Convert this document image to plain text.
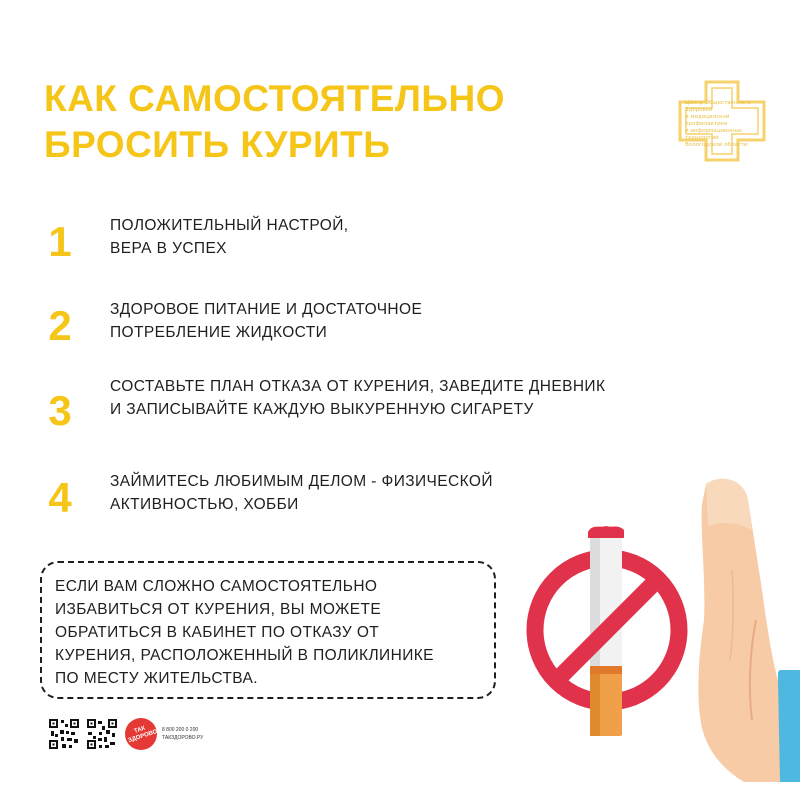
КАК САМОСТОЯТЕЛЬНО
БРОСИТЬ КУРИТЬ
Центр Общественного Здоровья
и медицинской профилактики
и информационных технологий
Вологодской области
1	ПОЛОЖИТЕЛЬНЫЙ НАСТРОЙ,
ВЕРА В УСПЕХ
2	ЗДОРОВОЕ ПИТАНИЕ И ДОСТАТОЧНОЕ
ПОТРЕБЛЕНИЕ ЖИДКОСТИ
3
СОСТАВЬТЕ ПЛАН ОТКАЗА ОТ КУРЕНИЯ, ЗАВЕДИТЕ ДНЕВНИК
И ЗАПИСЫВАЙТЕ КАЖДУЮ ВЫКУРЕННУЮ СИГАРЕТУ
4	ЗАЙМИТЕСЬ ЛЮБИМЫМ ДЕЛОМ - ФИЗИЧЕСКОЙ
АКТИВНОСТЬЮ, ХОББИ
ЕСЛИ ВАМ СЛОЖНО САМОСТОЯТЕЛЬНО
ИЗБАВИТЬСЯ ОТ КУРЕНИЯ, ВЫ МОЖЕТЕ
ОБРАТИТЬСЯ В КАБИНЕТ ПО ОТКАЗУ ОТ
КУРЕНИЯ, РАСПОЛОЖЕННЫЙ В ПОЛИКЛИНИКЕ
ПО МЕСТУ ЖИТЕЛЬСТВА.
ТАК ЗДОРОВО 8 800 200 0 200
ТАКЗДОРОВО.РУ
